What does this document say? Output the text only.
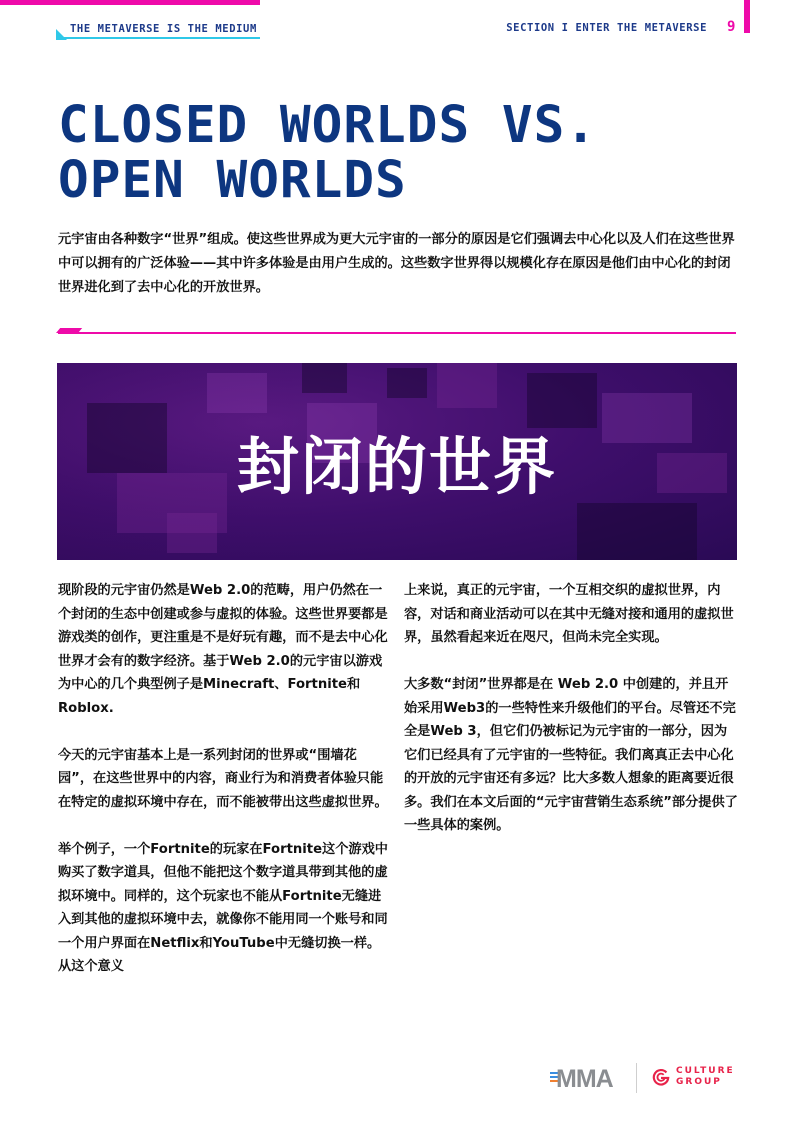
THE METAVERSE IS THE MEDIUM	SECTION I ENTER THE METAVERSE 9
CLOSED WORLDS VS.
OPEN WORLDS
元宇宙由各种数字“世界”组成。使这些世界成为更大元宇宙的一部分的原因是它们强调去中心化以及人们在这些世界中可以拥有的广泛体验——其中许多体验是由用户生成的。这些数字世界得以规模化存在原因是他们由中心化的封闭世界进化到了去中心化的开放世界。
封闭的世界

现阶段的元宇宙仍然是Web 2.0的范畴，用户仍然在一个封闭的生态中创建或参与虚拟的体验。这些世界要都是游戏类的创作，更注重是不是好玩有趣，而不是去中心化世界才会有的数字经济。基于Web 2.0的元宇宙以游戏为中心的几个典型例子是Minecraft、Fortnite和 Roblox.

今天的元宇宙基本上是一系列封闭的世界或“围墙花园”，在这些世界中的内容，商业行为和消费者体验只能在特定的虚拟环境中存在，而不能被带出这些虚拟世界。

举个例子，一个Fortnite的玩家在Fortnite这个游戏中购买了数字道具，但他不能把这个数字道具带到其他的虚拟环境中。同样的，这个玩家也不能从Fortnite无缝进入到其他的虚拟环境中去，就像你不能用同一个账号和同一个用户界面在Netflix和YouTube中无缝切换一样。从这个意义

上来说，真正的元宇宙，一个互相交织的虚拟世界，内容，对话和商业活动可以在其中无缝对接和通用的虚拟世界，虽然看起来近在咫尺，但尚未完全实现。

大多数“封闭”世界都是在 Web 2.0 中创建的，并且开始采用Web3的一些特性来升级他们的平台。尽管还不完全是Web 3，但它们仍被标记为元宇宙的一部分，因为它们已经具有了元宇宙的一些特征。我们离真正去中心化的开放的元宇宙还有多远？比大多数人想象的距离要近很多。我们在本文后面的“元宇宙营销生态系统”部分提供了一些具体的案例。

MMA	CULTURE
GROUP
